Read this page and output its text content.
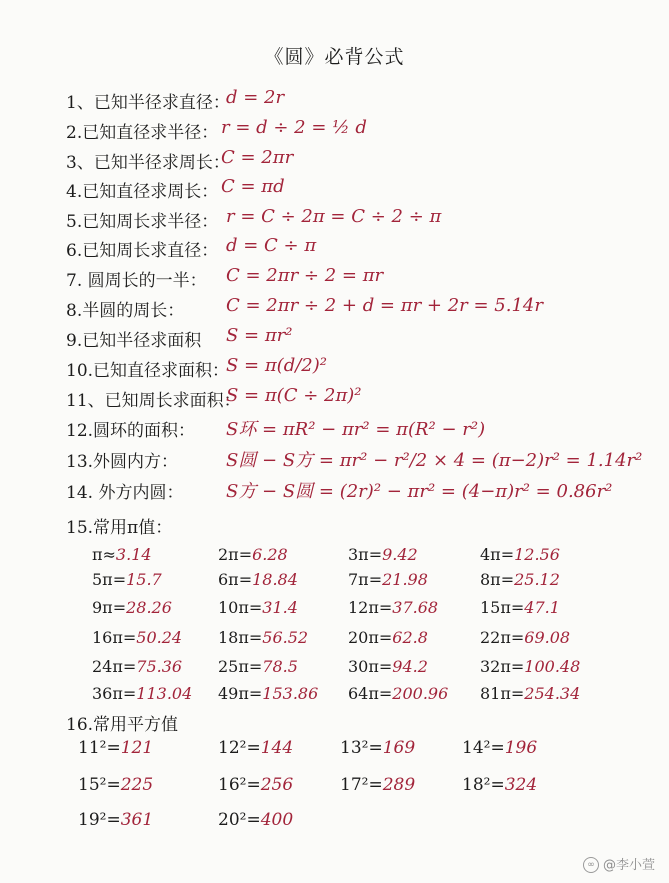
《圆》必背公式
1、已知半径求直径：
d = 2r
2.已知直径求半径： r = d ÷ 2 = ½ d
3、已知半径求周长：
C = 2πr
4.已知直径求周长： C = πd
5.已知周长求半径： r = C ÷ 2π = C ÷ 2 ÷ π
6.已知周长求直径： d = C ÷ π
7. 圆周长的一半： C = 2πr ÷ 2 = πr
8.半圆的周长： C = 2πr ÷ 2 + d = πr + 2r = 5.14r
9.已知半径求面积 S = πr²
10.已知直径求面积：
S = π(d/2)²
11、已知周长求面积：
S = π(C ÷ 2π)²
12.圆环的面积： S环 = πR² − πr² = π(R² − r²)
13.外圆内方：	S圆 − S方 = πr² − r²/2 × 4 = (π−2)r² = 1.14r²
14. 外方内圆： S方 − S圆 = (2r)² − πr² = (4−π)r² = 0.86r²
15.常用π值：
π≈3.14	2π=6.28	3π=9.42	4π=12.56
5π=15.7	6π=18.84	7π=21.98	8π=25.12
9π=28.26	10π=31.4	12π=37.68	15π=47.1
16π=50.24 18π=56.52 20π=62.8	22π=69.08
24π=75.36 25π=78.5	30π=94.2	32π=100.48
36π=113.04 49π=153.86 64π=200.96 81π=254.34
16.常用平方值
11²=121	12²=144	13²=169	14²=196
15²=225	16²=256	17²=289	18²=324
19²=361	20²=400
∞ @李小萱
